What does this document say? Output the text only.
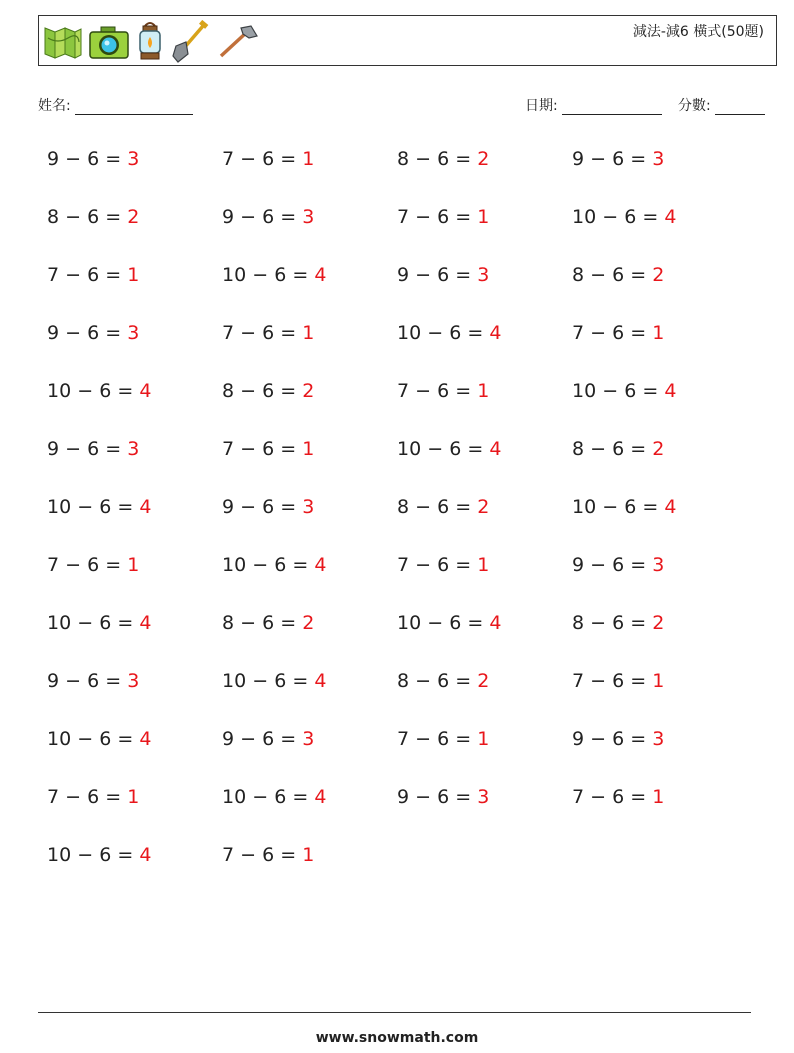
減法-減6 橫式(50題)
姓名:	日期:	分數:
9 − 6 = 3	7 − 6 = 1	8 − 6 = 2	9 − 6 = 3
8 − 6 = 2	9 − 6 = 3	7 − 6 = 1	10 − 6 = 4
7 − 6 = 1	10 − 6 = 4	9 − 6 = 3	8 − 6 = 2
9 − 6 = 3	7 − 6 = 1	10 − 6 = 4	7 − 6 = 1
10 − 6 = 4	8 − 6 = 2	7 − 6 = 1	10 − 6 = 4
9 − 6 = 3	7 − 6 = 1	10 − 6 = 4	8 − 6 = 2
10 − 6 = 4	9 − 6 = 3	8 − 6 = 2	10 − 6 = 4
7 − 6 = 1	10 − 6 = 4	7 − 6 = 1	9 − 6 = 3
10 − 6 = 4	8 − 6 = 2	10 − 6 = 4	8 − 6 = 2
9 − 6 = 3	10 − 6 = 4	8 − 6 = 2	7 − 6 = 1
10 − 6 = 4	9 − 6 = 3	7 − 6 = 1	9 − 6 = 3
7 − 6 = 1	10 − 6 = 4	9 − 6 = 3	7 − 6 = 1
10 − 6 = 4	7 − 6 = 1
www.snowmath.com
